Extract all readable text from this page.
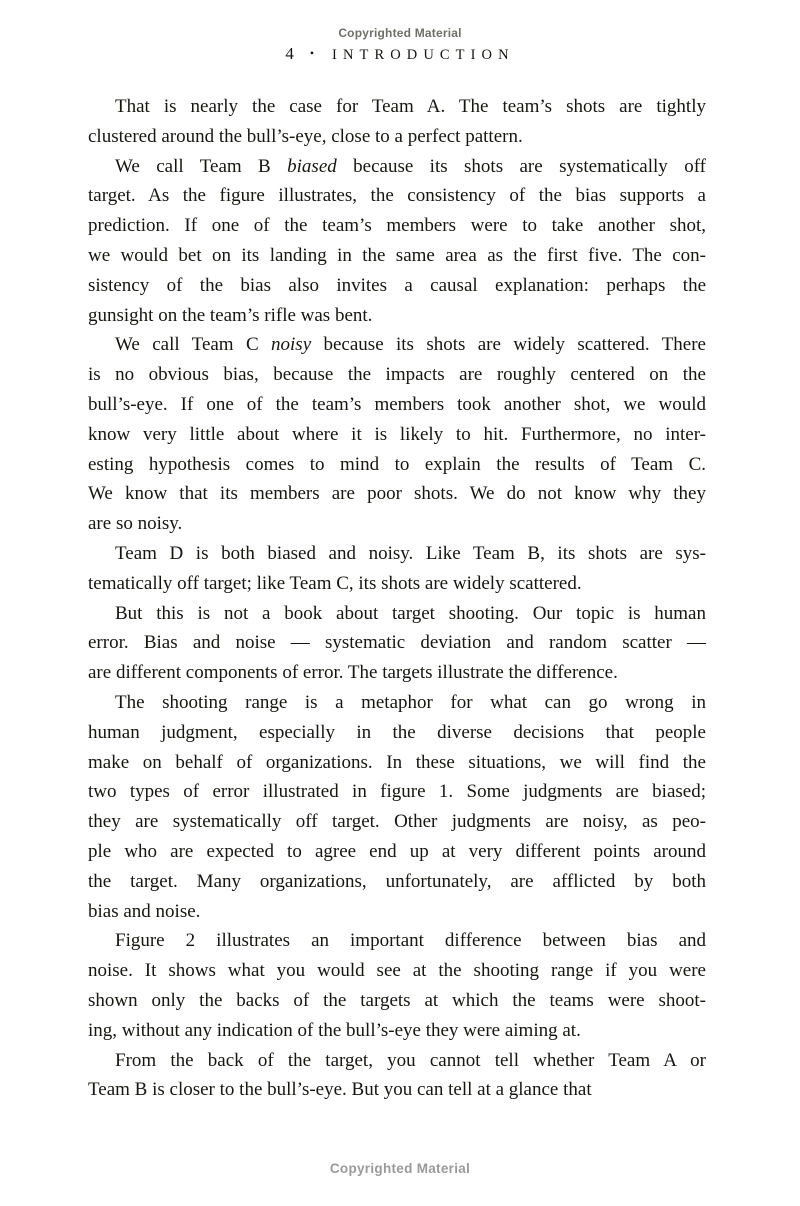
Copyrighted Material
4 • INTRODUCTION
That is nearly the case for Team A. The team’s shots are tightly
clustered around the bull’s-eye, close to a perfect pattern.
We call Team B biased because its shots are systematically off
target. As the figure illustrates, the consistency of the bias supports a
prediction. If one of the team’s members were to take another shot,
we would bet on its landing in the same area as the first five. The con-
sistency of the bias also invites a causal explanation: perhaps the
gunsight on the team’s rifle was bent.
We call Team C noisy because its shots are widely scattered. There
is no obvious bias, because the impacts are roughly centered on the
bull’s-eye. If one of the team’s members took another shot, we would
know very little about where it is likely to hit. Furthermore, no inter-
esting hypothesis comes to mind to explain the results of Team C.
We know that its members are poor shots. We do not know why they
are so noisy.
Team D is both biased and noisy. Like Team B, its shots are sys-
tematically off target; like Team C, its shots are widely scattered.
But this is not a book about target shooting. Our topic is human
error. Bias and noise — systematic deviation and random scatter —
are different components of error. The targets illustrate the difference.
The shooting range is a metaphor for what can go wrong in
human judgment, especially in the diverse decisions that people
make on behalf of organizations. In these situations, we will find the
two types of error illustrated in figure 1. Some judgments are biased;
they are systematically off target. Other judgments are noisy, as peo-
ple who are expected to agree end up at very different points around
the target. Many organizations, unfortunately, are afflicted by both
bias and noise.
Figure 2 illustrates an important difference between bias and
noise. It shows what you would see at the shooting range if you were
shown only the backs of the targets at which the teams were shoot-
ing, without any indication of the bull’s-eye they were aiming at.
From the back of the target, you cannot tell whether Team A or
Team B is closer to the bull’s-eye. But you can tell at a glance that
Copyrighted Material
